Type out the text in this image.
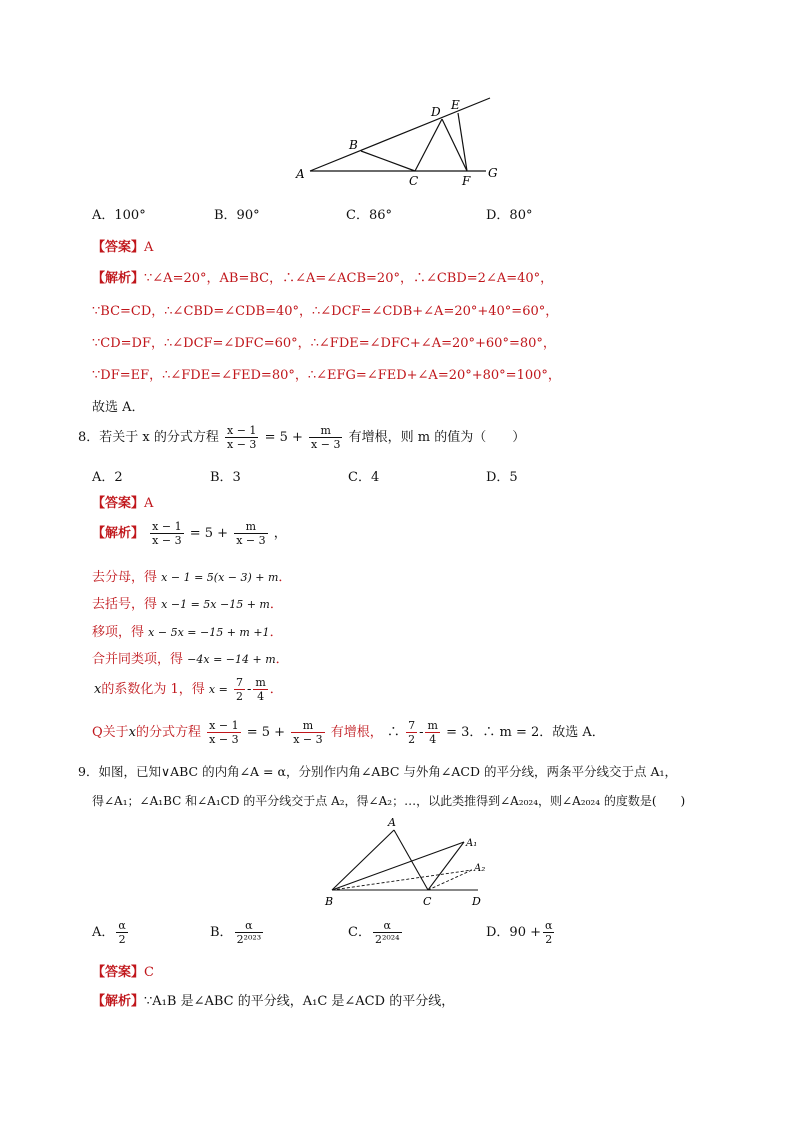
A
B
C
D E
F
G
A．100°	B．90°	C．86°	D．80°
【答案】A
【解析】∵∠A=20°，AB=BC，∴∠A=∠ACB=20°，∴∠CBD=2∠A=40°，
∵BC=CD，∴∠CBD=∠CDB=40°，∴∠DCF=∠CDB+∠A=20°+40°=60°，
∵CD=DF，∴∠DCF=∠DFC=60°，∴∠FDE=∠DFC+∠A=20°+60°=80°，
∵DF=EF，∴∠FDE=∠FED=80°，∴∠EFG=∠FED+∠A=20°+80°=100°，
故选 A．
8．若关于 x 的分式方程 $\frac{x - 1}{x - 3} = 5 + \frac{m}{x - 3}$ 有增根，则 m 的值为（　　）
A．2	B．3	C．4	D．5
【答案】A
【解析】 $\frac{x - 1}{x - 3} = 5 + \frac{m}{x - 3}$ ，
去分母，得 x − 1 = 5(x − 3) + m．
去括号，得 x −1 = 5x −15 + m．
移项，得 x − 5x = −15 + m +1．
合并同类项，得 −4x = −14 + m．
x的系数化为 1，得 $x = \frac{7}{2} - \frac{m}{4}$ ．
Q关于x的分式方程 $\frac{x - 1}{x - 3} = 5 + \frac{m}{x - 3}$ 有增根， ∴ $\frac{7}{2} - \frac{m}{4} = 3$．∴ m = 2．故选 A．
9．如图，已知∨ABC 的内角∠A = α，分别作内角∠ABC 与外角∠ACD 的平分线，两条平分线交于点 A₁，
得∠A₁；∠A₁BC 和∠A₁CD 的平分线交于点 A₂，得∠A₂；…，以此类推得到∠A₂₀₂₄，则∠A₂₀₂₄ 的度数是(　　)
A
A₁
A₂
B	C	D
A． $\frac{\alpha}{2}$	B． $\frac{\alpha}{\text{2²⁰²³}}$	C． $\frac{\alpha}{\text{2²⁰²⁴}}$	D．$90 + \frac{\alpha}{2}$
【答案】C
【解析】∵A₁B 是∠ABC 的平分线，A₁C 是∠ACD 的平分线，
